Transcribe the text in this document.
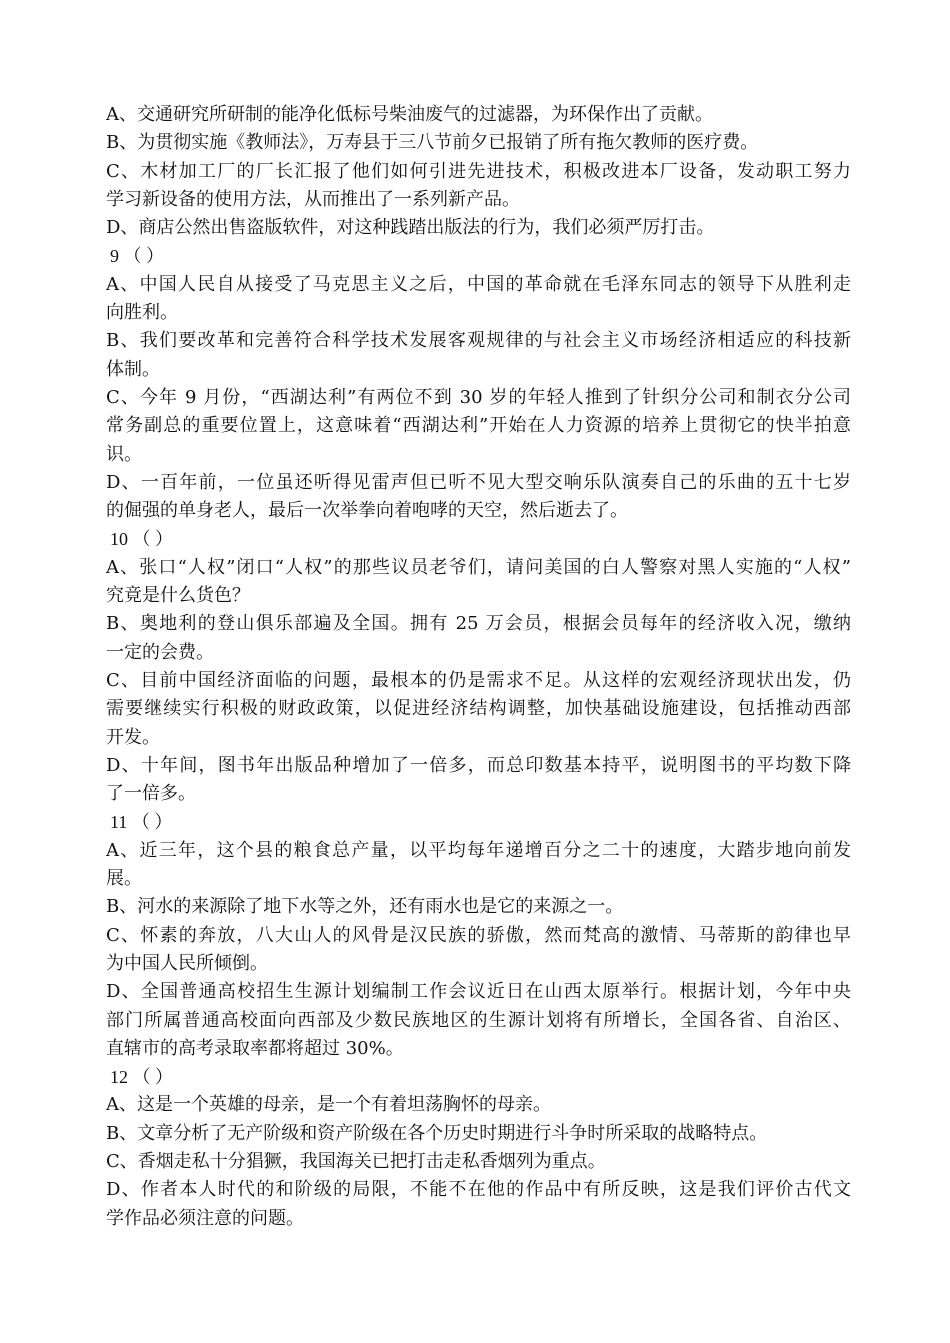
A、交通研究所研制的能净化低标号柴油废气的过滤器，为环保作出了贡献。
B、为贯彻实施《教师法》，万寿县于三八节前夕已报销了所有拖欠教师的医疗费。
C、木材加工厂的厂长汇报了他们如何引进先进技术，积极改进本厂设备，发动职工努力
学习新设备的使用方法，从而推出了一系列新产品。
D、商店公然出售盗版软件，对这种践踏出版法的行为，我们必须严厉打击。
9 （ ）
A、中国人民自从接受了马克思主义之后，中国的革命就在毛泽东同志的领导下从胜利走
向胜利。
B、我们要改革和完善符合科学技术发展客观规律的与社会主义市场经济相适应的科技新
体制。
C、今年 9 月份，“西湖达利”有两位不到 30 岁的年轻人推到了针织分公司和制衣分公司
常务副总的重要位置上，这意味着“西湖达利”开始在人力资源的培养上贯彻它的快半拍意
识。
D、一百年前，一位虽还听得见雷声但已听不见大型交响乐队演奏自己的乐曲的五十七岁
的倔强的单身老人，最后一次举拳向着咆哮的天空，然后逝去了。
10 （ ）
A、张口“人权”闭口“人权”的那些议员老爷们，请问美国的白人警察对黑人实施的“人权”
究竟是什么货色？
B、奥地利的登山俱乐部遍及全国。拥有 25 万会员，根据会员每年的经济收入况，缴纳
一定的会费。
C、目前中国经济面临的问题，最根本的仍是需求不足。从这样的宏观经济现状出发，仍
需要继续实行积极的财政政策，以促进经济结构调整，加快基础设施建设，包括推动西部
开发。
D、十年间，图书年出版品种增加了一倍多，而总印数基本持平，说明图书的平均数下降
了一倍多。
11 （ ）
A、近三年，这个县的粮食总产量，以平均每年递增百分之二十的速度，大踏步地向前发
展。
B、河水的来源除了地下水等之外，还有雨水也是它的来源之一。
C、怀素的奔放，八大山人的风骨是汉民族的骄傲，然而梵高的激情、马蒂斯的韵律也早
为中国人民所倾倒。
D、全国普通高校招生生源计划编制工作会议近日在山西太原举行。根据计划，今年中央
部门所属普通高校面向西部及少数民族地区的生源计划将有所增长，全国各省、自治区、
直辖市的高考录取率都将超过 30%。
12 （ ）
A、这是一个英雄的母亲，是一个有着坦荡胸怀的母亲。
B、文章分析了无产阶级和资产阶级在各个历史时期进行斗争时所采取的战略特点。
C、香烟走私十分猖獗，我国海关已把打击走私香烟列为重点。
D、作者本人时代的和阶级的局限，不能不在他的作品中有所反映，这是我们评价古代文
学作品必须注意的问题。
